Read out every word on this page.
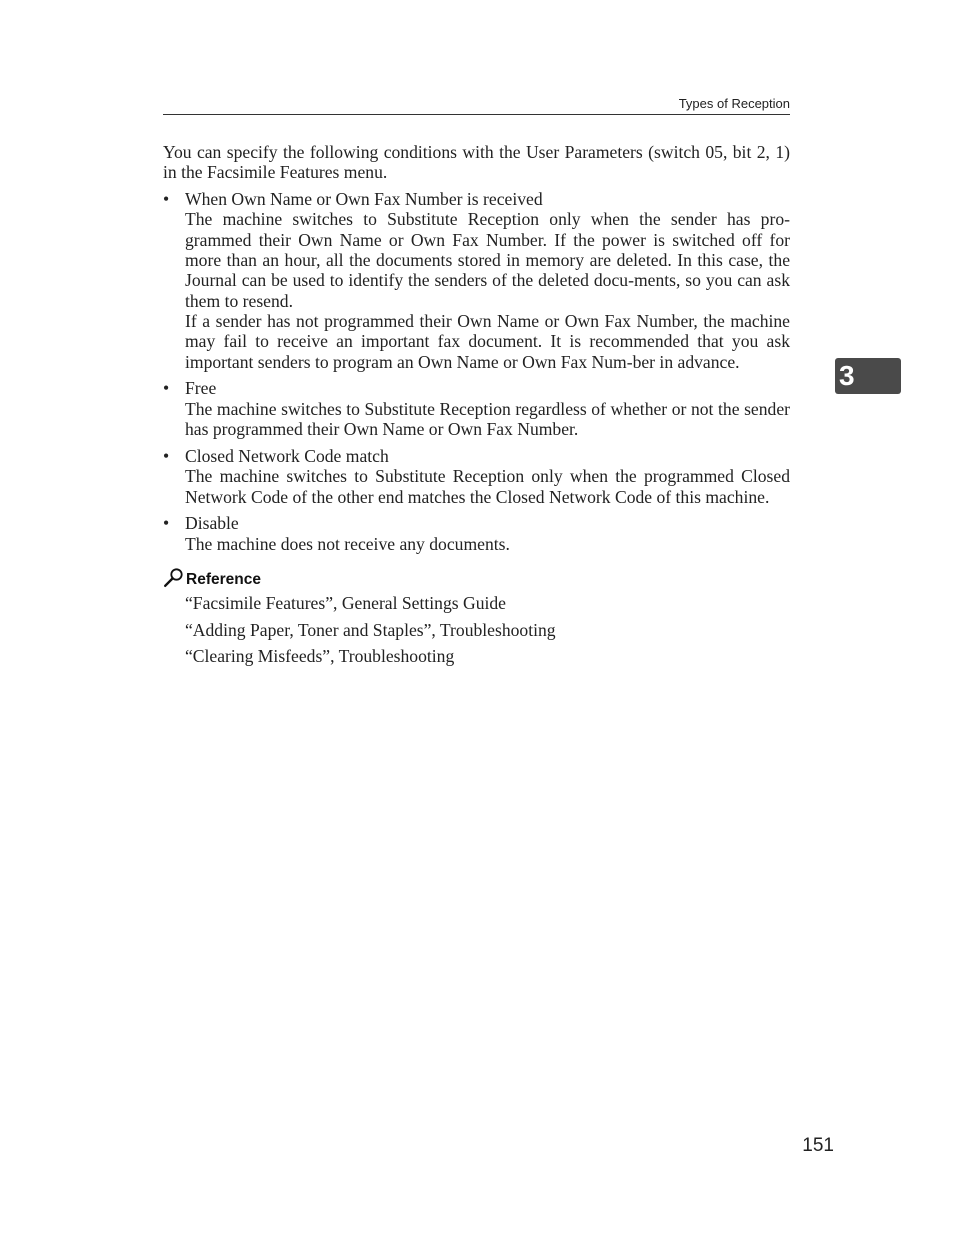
Types of Reception
3

You can specify the following conditions with the User Parameters (switch 05, bit 2, 1) in the Facsimile Features menu.

• When Own Name or Own Fax Number is received

The machine switches to Substitute Reception only when the sender has pro-grammed their Own Name or Own Fax Number. If the power is switched off for more than an hour, all the documents stored in memory are deleted. In this case, the Journal can be used to identify the senders of the deleted docu-ments, so you can ask them to resend.

If a sender has not programmed their Own Name or Own Fax Number, the machine may fail to receive an important fax document. It is recommended that you ask important senders to program an Own Name or Own Fax Num-ber in advance.

• Free

The machine switches to Substitute Reception regardless of whether or not the sender has programmed their Own Name or Own Fax Number.

• Closed Network Code match

The machine switches to Substitute Reception only when the programmed Closed Network Code of the other end matches the Closed Network Code of this machine.

• Disable

The machine does not receive any documents.

Reference
“Facsimile Features”, General Settings Guide
“Adding Paper, Toner and Staples”, Troubleshooting
“Clearing Misfeeds”, Troubleshooting
151
